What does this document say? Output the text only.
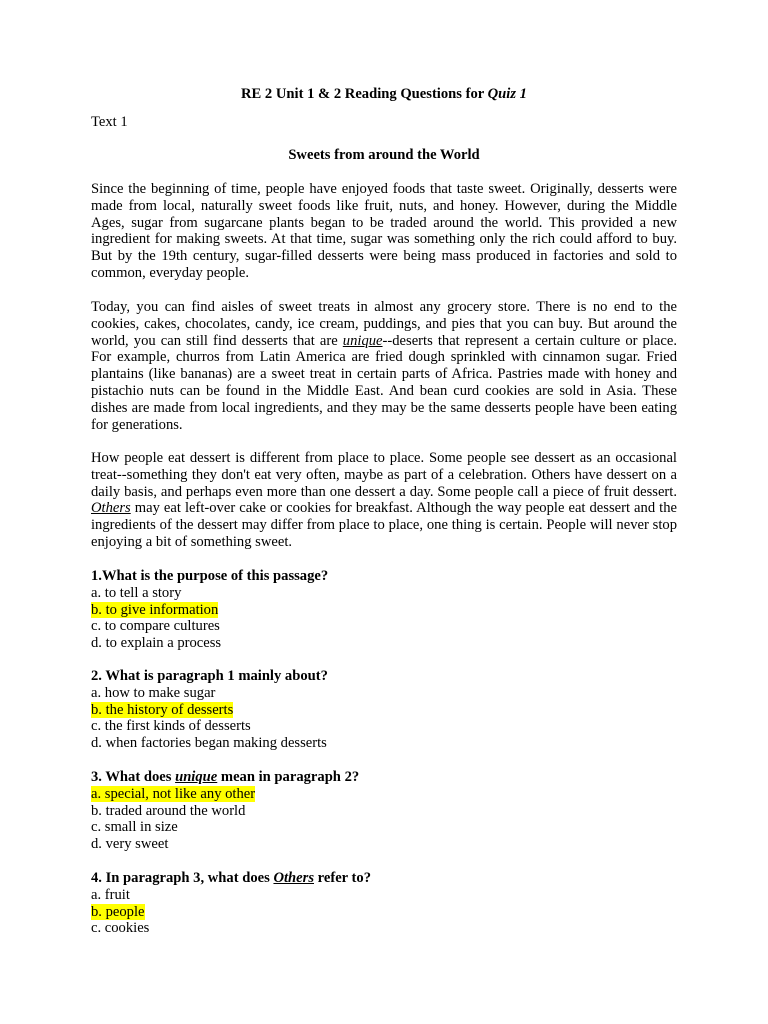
RE 2 Unit 1 & 2 Reading Questions for Quiz 1
Text 1
Sweets from around the World

Since the beginning of time, people have enjoyed foods that taste sweet. Originally, desserts were made from local, naturally sweet foods like fruit, nuts, and honey. However, during the Middle Ages, sugar from sugarcane plants began to be traded around the world. This provided a new ingredient for making sweets. At that time, sugar was something only the rich could afford to buy. But by the 19th century, sugar-filled desserts were being mass produced in factories and sold to common, everyday people.

Today, you can find aisles of sweet treats in almost any grocery store. There is no end to the cookies, cakes, chocolates, candy, ice cream, puddings, and pies that you can buy. But around the world, you can still find desserts that are unique--deserts that represent a certain culture or place. For example, churros from Latin America are fried dough sprinkled with cinnamon sugar. Fried plantains (like bananas) are a sweet treat in certain parts of Africa. Pastries made with honey and pistachio nuts can be found in the Middle East. And bean curd cookies are sold in Asia. These dishes are made from local ingredients, and they may be the same desserts people have been eating for generations.

How people eat dessert is different from place to place. Some people see dessert as an occasional treat--something they don't eat very often, maybe as part of a celebration. Others have dessert on a daily basis, and perhaps even more than one dessert a day. Some people call a piece of fruit dessert. Others may eat left-over cake or cookies for breakfast. Although the way people eat dessert and the ingredients of the dessert may differ from place to place, one thing is certain. People will never stop enjoying a bit of something sweet.

1.What is the purpose of this passage?
a. to tell a story
b. to give information
c. to compare cultures
d. to explain a process
2. What is paragraph 1 mainly about?
a. how to make sugar
b. the history of desserts
c. the first kinds of desserts
d. when factories began making desserts
3. What does unique mean in paragraph 2?
a. special, not like any other
b. traded around the world
c. small in size
d. very sweet
4. In paragraph 3, what does Others refer to?
a. fruit
b. people
c. cookies
